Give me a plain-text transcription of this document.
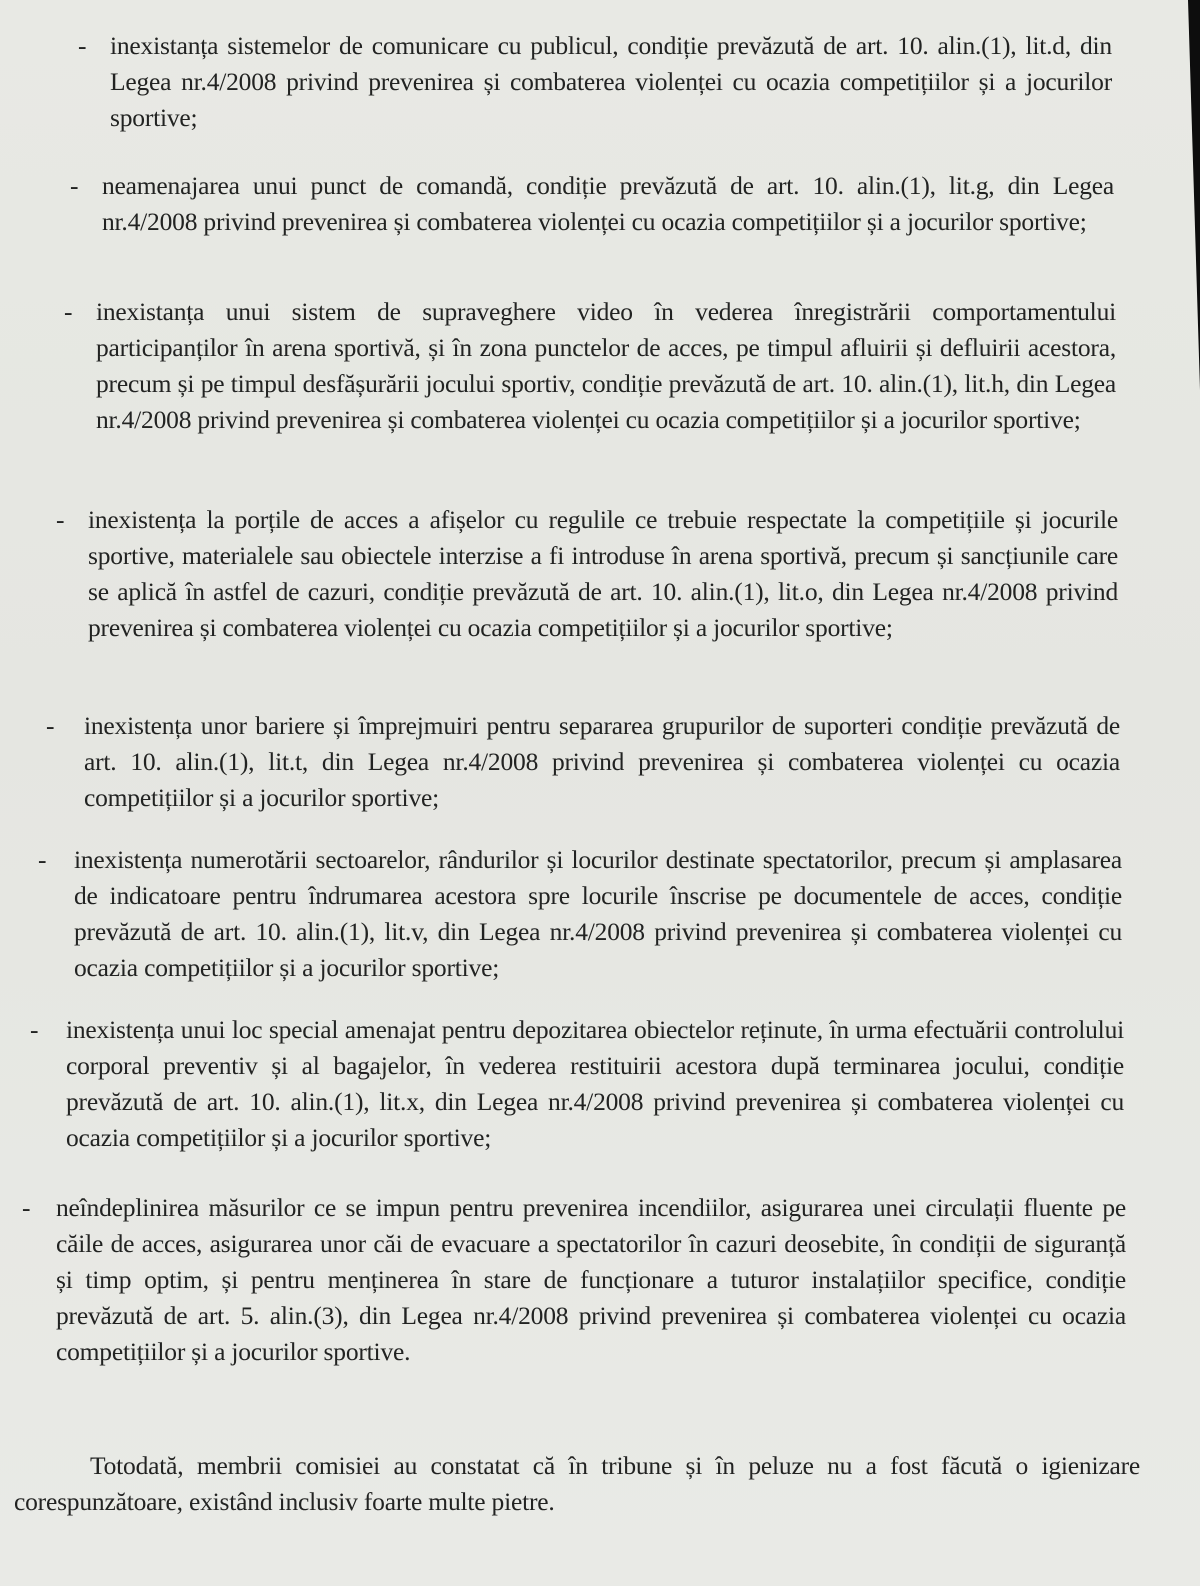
- inexistanța sistemelor de comunicare cu publicul, condiție prevăzută de art. 10. alin.(1), lit.d, din Legea nr.4/2008 privind prevenirea și combaterea violenței cu ocazia competițiilor și a jocurilor sportive;
- neamenajarea unui punct de comandă, condiție prevăzută de art. 10. alin.(1), lit.g, din Legea nr.4/2008 privind prevenirea și combaterea violenței cu ocazia competițiilor și a jocurilor sportive;
- inexistanța unui sistem de supraveghere video în vederea înregistrării comportamentului participanților în arena sportivă, și în zona punctelor de acces, pe timpul afluirii și defluirii acestora, precum și pe timpul desfășurării jocului sportiv, condiție prevăzută de art. 10. alin.(1), lit.h, din Legea nr.4/2008 privind prevenirea și combaterea violenței cu ocazia competițiilor și a jocurilor sportive;
- inexistența la porțile de acces a afișelor cu regulile ce trebuie respectate la competițiile și jocurile sportive, materialele sau obiectele interzise a fi introduse în arena sportivă, precum și sancțiunile care se aplică în astfel de cazuri, condiție prevăzută de art. 10. alin.(1), lit.o, din Legea nr.4/2008 privind prevenirea și combaterea violenței cu ocazia competițiilor și a jocurilor sportive;
-	inexistența unor bariere și împrejmuiri pentru separarea grupurilor de suporteri condiție prevăzută de art. 10. alin.(1), lit.t, din Legea nr.4/2008 privind prevenirea și combaterea violenței cu ocazia competițiilor și a jocurilor sportive;
-	inexistența numerotării sectoarelor, rândurilor și locurilor destinate spectatorilor, precum și amplasarea de indicatoare pentru îndrumarea acestora spre locurile înscrise pe documentele de acces, condiție prevăzută de art. 10. alin.(1), lit.v, din Legea nr.4/2008 privind prevenirea și combaterea violenței cu ocazia competițiilor și a jocurilor sportive;
-	inexistența unui loc special amenajat pentru depozitarea obiectelor reținute, în urma efectuării controlului corporal preventiv și al bagajelor, în vederea restituirii acestora după terminarea jocului, condiție prevăzută de art. 10. alin.(1), lit.x, din Legea nr.4/2008 privind prevenirea și combaterea violenței cu ocazia competițiilor și a jocurilor sportive;
-	neîndeplinirea măsurilor ce se impun pentru prevenirea incendiilor, asigurarea unei circulații fluente pe căile de acces, asigurarea unor căi de evacuare a spectatorilor în cazuri deosebite, în condiții de siguranță și timp optim, și pentru menținerea în stare de funcționare a tuturor instalațiilor specifice, condiție prevăzută de art. 5. alin.(3), din Legea nr.4/2008 privind prevenirea și combaterea violenței cu ocazia competițiilor și a jocurilor sportive.
Totodată, membrii comisiei au constatat că în tribune și în peluze nu a fost făcută o igienizare corespunzătoare, existând inclusiv foarte multe pietre.
